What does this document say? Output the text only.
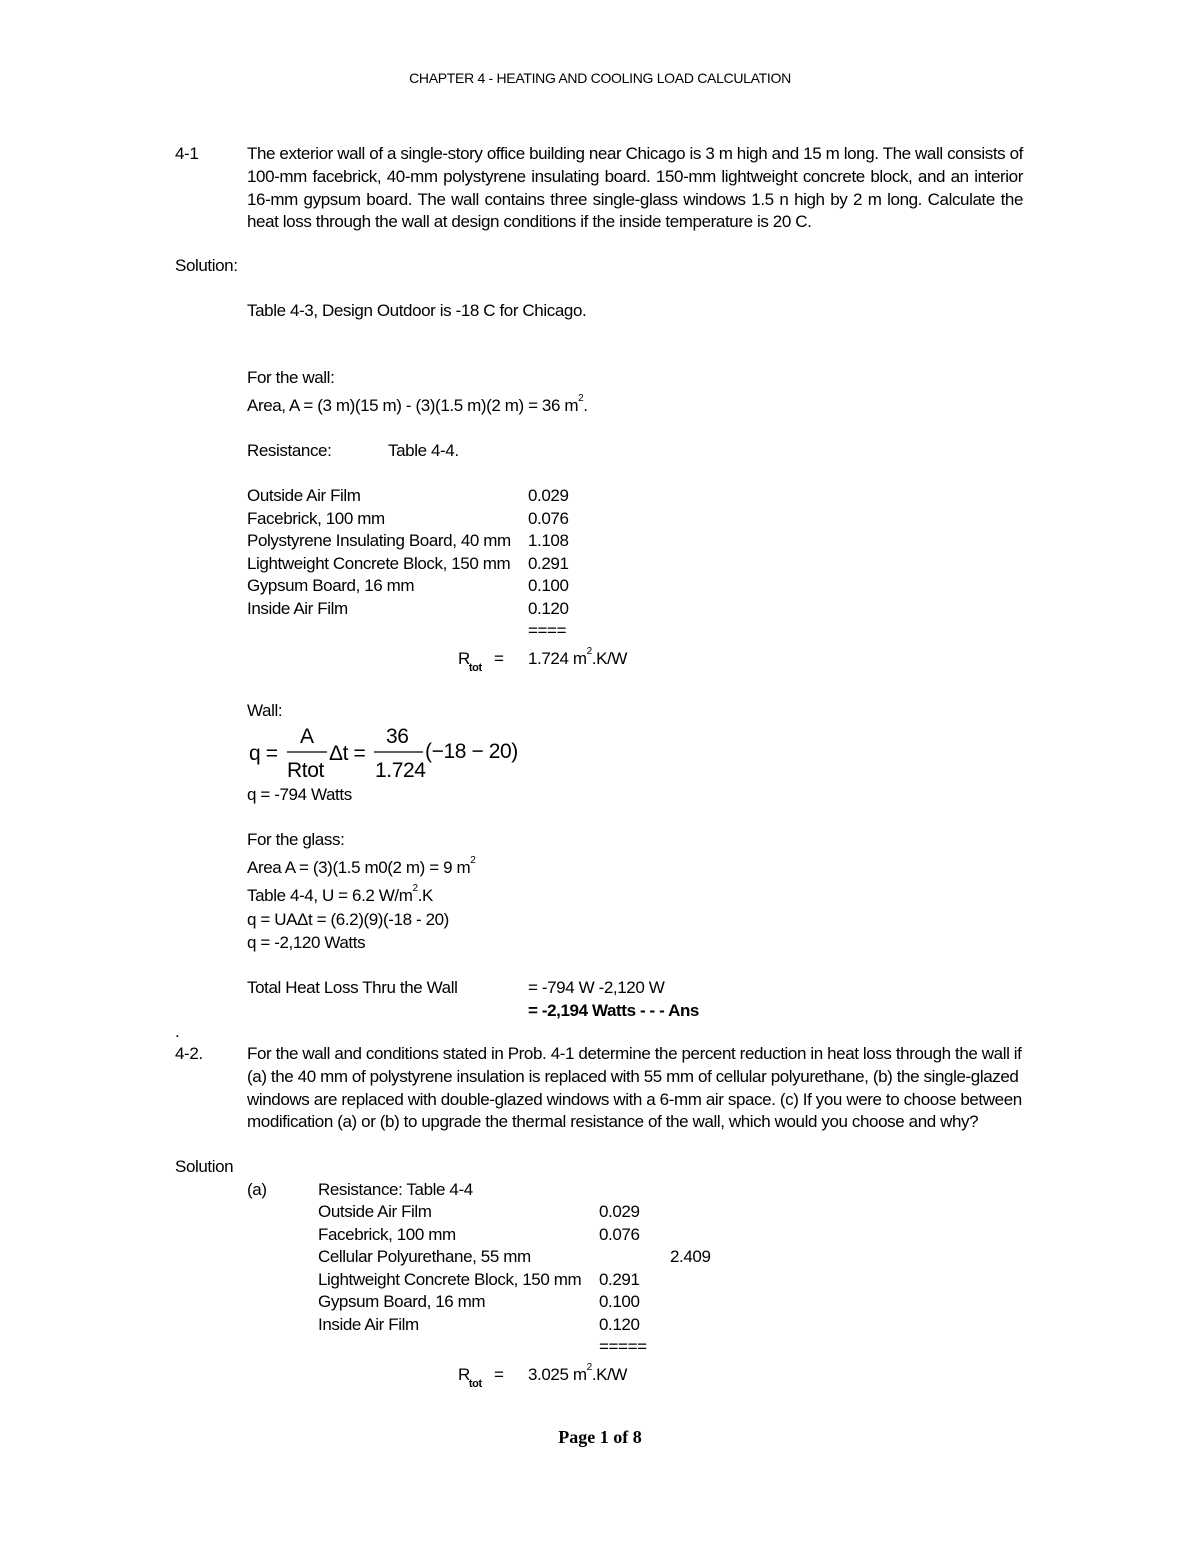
CHAPTER 4 - HEATING AND COOLING LOAD CALCULATION
4-1	The exterior wall of a single-story office building near Chicago is 3 m high and 15 m long. The wall consists of 100-mm facebrick, 40-mm polystyrene insulating board. 150-mm lightweight concrete block, and an interior 16-mm gypsum board. The wall contains three single-glass windows 1.5 n high by 2 m long. Calculate the heat loss through the wall at design conditions if the inside temperature is 20 C.
Solution:
Table 4-3, Design Outdoor is -18 C for Chicago.
For the wall:
Area, A = (3 m)(15 m) - (3)(1.5 m)(2 m) = 36 $m^2$.
Resistance:	Table 4-4.
Outside Air Film	0.029
Facebrick, 100 mm	0.076
Polystyrene Insulating Board, 40 mm 1.108
Lightweight Concrete Block, 150 mm 0.291
Gypsum Board, 16 mm	0.100
Inside Air Film	0.120
====
$R_{tot} = 1.724$ $m^2.K/W$
Wall:
q =
A
Rtot
Δt =
36
1.724
(−18 − 20)
q = -794 Watts
For the glass:
Area A = (3)(1.5 m0(2 m) = 9 $m^2$
Table 4-4, U = 6.2 $W/m^2.K$
q = UAΔt = (6.2)(9)(-18 - 20)
q = -2,120 Watts
Total Heat Loss Thru the Wall	= -794 W -2,120 W
= -2,194 Watts - - - Ans
.
4-2.	For the wall and conditions stated in Prob. 4-1 determine the percent reduction in heat loss through the wall if (a) the 40 mm of polystyrene insulation is replaced with 55 mm of cellular polyurethane, (b) the single-glazed windows are replaced with double-glazed windows with a 6-mm air space. (c) If you were to choose between modification (a) or (b) to upgrade the thermal resistance of the wall, which would you choose and why?
Solution
(a)	Resistance: Table 4-4
Outside Air Film	0.029
Facebrick, 100 mm	0.076
Cellular Polyurethane, 55 mm	2.409
Lightweight Concrete Block, 150 mm 0.291
Gypsum Board, 16 mm	0.100
Inside Air Film	0.120
=====
$R_{tot} = 3.025$ $m^2.K/W$
Page 1 of 8
